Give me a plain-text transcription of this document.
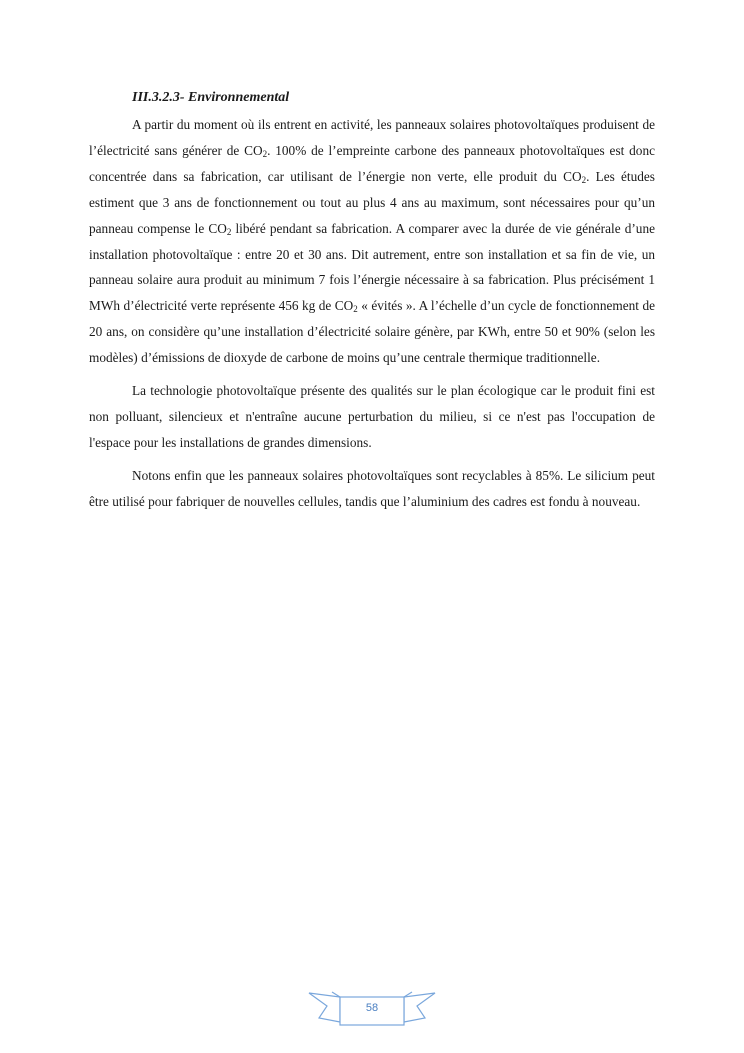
III.3.2.3- Environnemental

A partir du moment où ils entrent en activité, les panneaux solaires photovoltaïques produisent de l’électricité sans générer de $CO_2$. 100% de l’empreinte carbone des panneaux photovoltaïques est donc concentrée dans sa fabrication, car utilisant de l’énergie non verte, elle produit du $CO_2$. Les études estiment que 3 ans de fonctionnement ou tout au plus 4 ans au maximum, sont nécessaires pour qu’un panneau compense le $CO_2$ libéré pendant sa fabrication. A comparer avec la durée de vie générale d’une installation photovoltaïque : entre 20 et 30 ans. Dit autrement, entre son installation et sa fin de vie, un panneau solaire aura produit au minimum 7 fois l’énergie nécessaire à sa fabrication. Plus précisément 1 MWh d’électricité verte représente 456 kg de $CO_2$ « évités ». A l’échelle d’un cycle de fonctionnement de 20 ans, on considère qu’une installation d’électricité solaire génère, par KWh, entre 50 et 90% (selon les modèles) d’émissions de dioxyde de carbone de moins qu’une centrale thermique traditionnelle.

La technologie photovoltaïque présente des qualités sur le plan écologique car le produit fini est non polluant, silencieux et n'entraîne aucune perturbation du milieu, si ce n'est pas l'occupation de l'espace pour les installations de grandes dimensions.

Notons enfin que les panneaux solaires photovoltaïques sont recyclables à 85%. Le silicium peut être utilisé pour fabriquer de nouvelles cellules, tandis que l’aluminium des cadres est fondu à nouveau.

58
